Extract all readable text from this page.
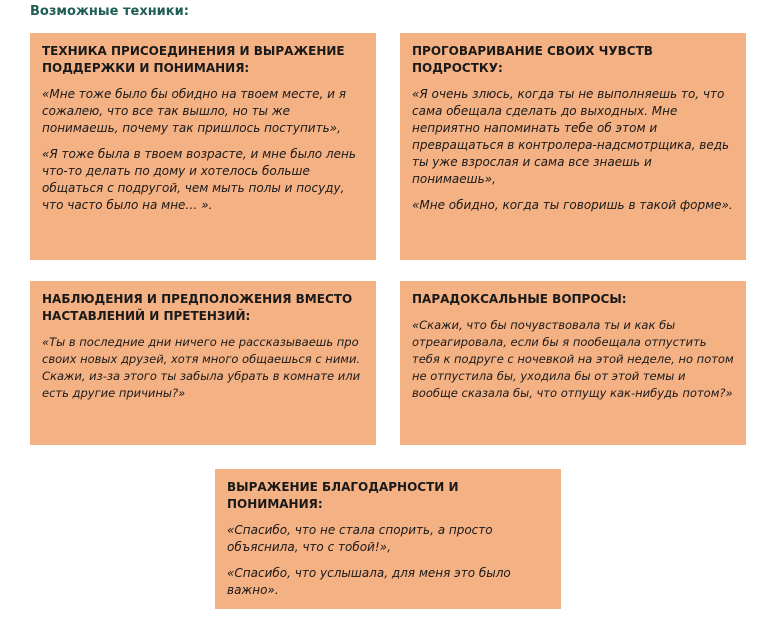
Возможные техники:

ТЕХНИКА ПРИСОЕДИНЕНИЯ И ВЫРАЖЕНИЕ ПОДДЕРЖКИ И ПОНИМАНИЯ:

«Мне тоже было бы обидно на твоем месте, и я сожалею, что все так вышло, но ты же понимаешь, почему так пришлось поступить»,

«Я тоже была в твоем возрасте, и мне было лень что-то делать по дому и хотелось больше общаться с подругой, чем мыть полы и посуду, что часто было на мне… ».

ПРОГОВАРИВАНИЕ СВОИХ ЧУВСТВ ПОДРОСТКУ:

«Я очень злюсь, когда ты не выполняешь то, что сама обещала сделать до выходных. Мне неприятно напоминать тебе об этом и превращаться в контролера-надсмотрщика, ведь ты уже взрослая и сама все знаешь и понимаешь»,

«Мне обидно, когда ты говоришь в такой форме».

НАБЛЮДЕНИЯ И ПРЕДПОЛОЖЕНИЯ ВМЕСТО НАСТАВЛЕНИЙ И ПРЕТЕНЗИЙ:

«Ты в последние дни ничего не рассказываешь про своих новых друзей, хотя много общаешься с ними. Скажи, из-за этого ты забыла убрать в комнате или есть другие причины?»

ПАРАДОКСАЛЬНЫЕ ВОПРОСЫ:

«Скажи, что бы почувствовала ты и как бы отреагировала, если бы я пообещала отпустить тебя к подруге с ночевкой на этой неделе, но потом не отпустила бы, уходила бы от этой темы и вообще сказала бы, что отпущу как-нибудь потом?»

ВЫРАЖЕНИЕ БЛАГОДАРНОСТИ И ПОНИМАНИЯ:

«Спасибо, что не стала спорить, а просто объяснила, что с тобой!»,

«Спасибо, что услышала, для меня это было важно».
